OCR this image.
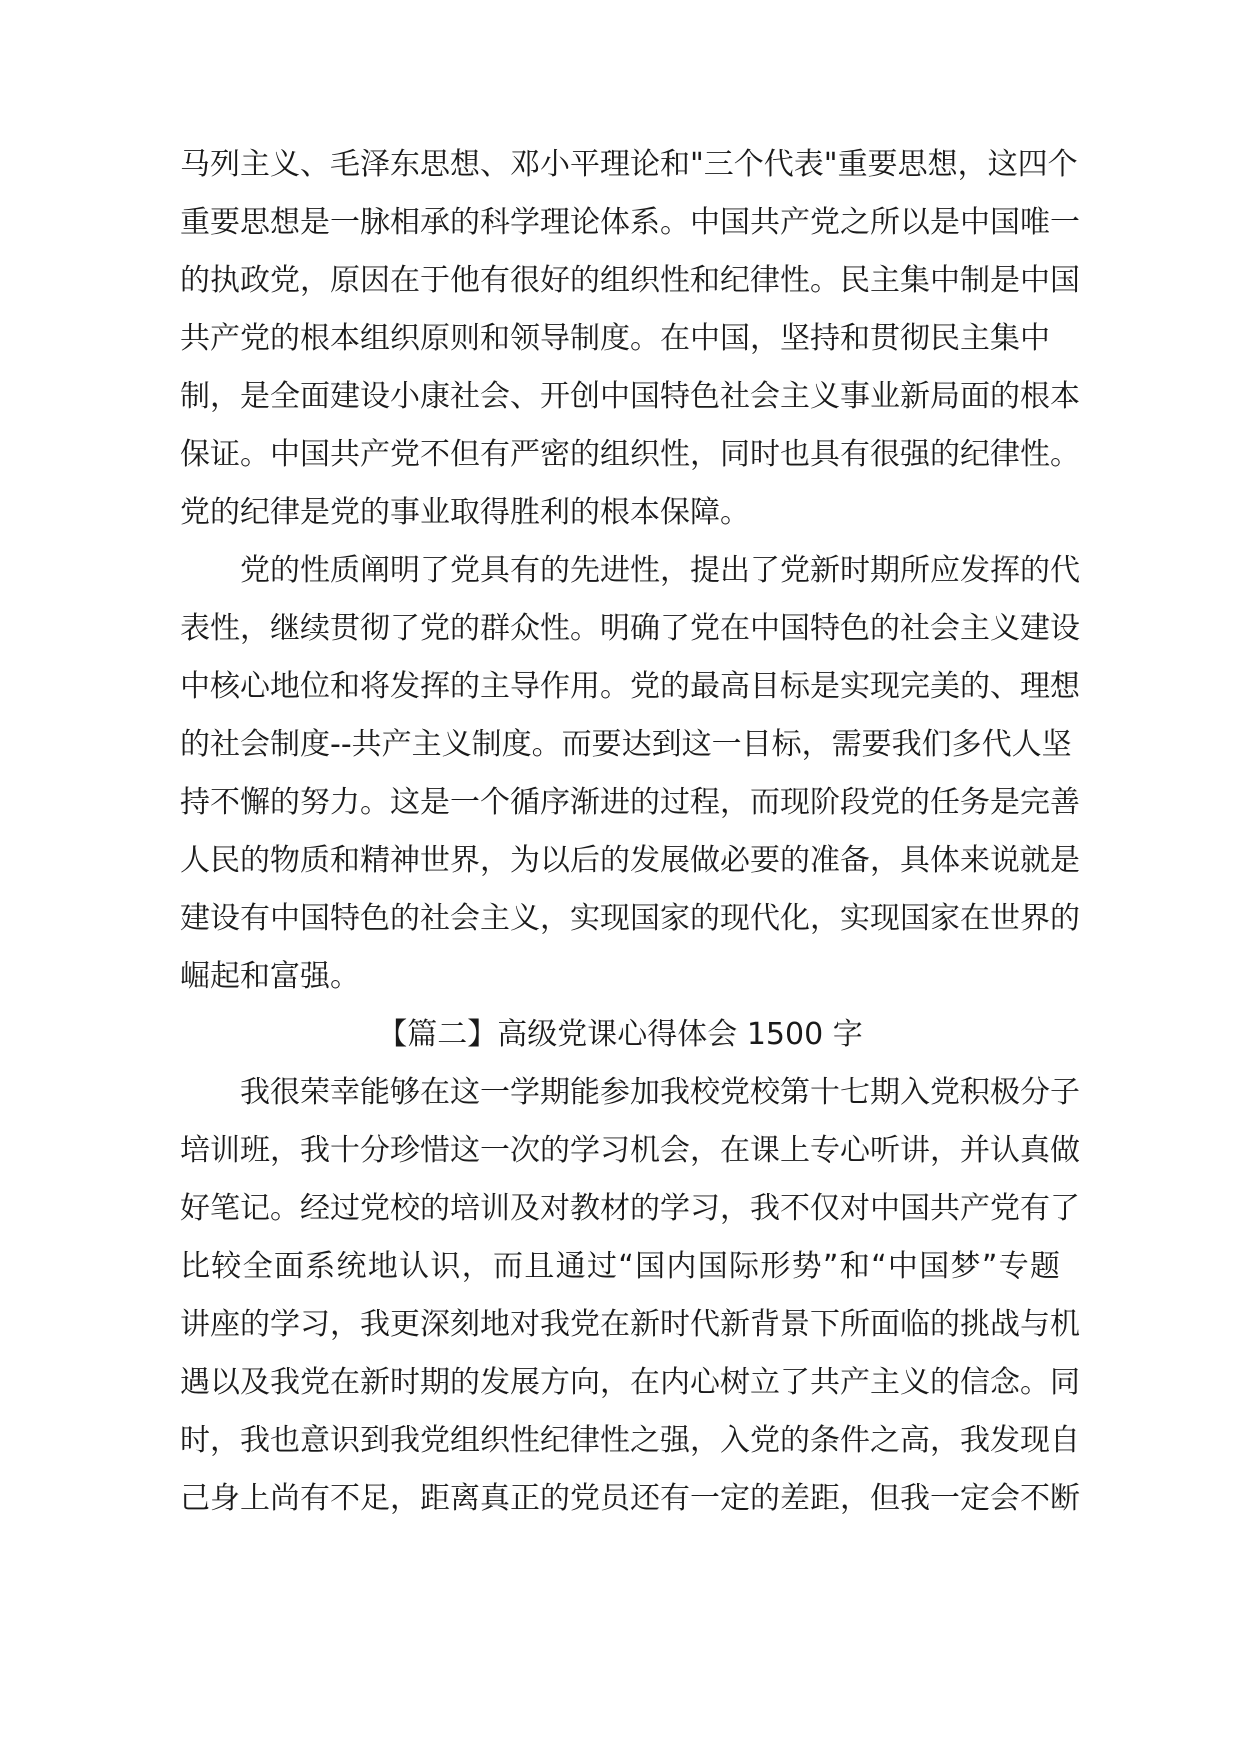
马列主义、毛泽东思想、邓小平理论和"三个代表"重要思想，这四个
重要思想是一脉相承的科学理论体系。中国共产党之所以是中国唯一
的执政党，原因在于他有很好的组织性和纪律性。民主集中制是中国
共产党的根本组织原则和领导制度。在中国，坚持和贯彻民主集中
制，是全面建设小康社会、开创中国特色社会主义事业新局面的根本
保证。中国共产党不但有严密的组织性，同时也具有很强的纪律性。
党的纪律是党的事业取得胜利的根本保障。
党的性质阐明了党具有的先进性，提出了党新时期所应发挥的代
表性，继续贯彻了党的群众性。明确了党在中国特色的社会主义建设
中核心地位和将发挥的主导作用。党的最高目标是实现完美的、理想
的社会制度--共产主义制度。而要达到这一目标，需要我们多代人坚
持不懈的努力。这是一个循序渐进的过程，而现阶段党的任务是完善
人民的物质和精神世界，为以后的发展做必要的准备，具体来说就是
建设有中国特色的社会主义，实现国家的现代化，实现国家在世界的
崛起和富强。
【篇二】高级党课心得体会 1500 字
我很荣幸能够在这一学期能参加我校党校第十七期入党积极分子
培训班，我十分珍惜这一次的学习机会，在课上专心听讲，并认真做
好笔记。经过党校的培训及对教材的学习，我不仅对中国共产党有了
比较全面系统地认识，而且通过“国内国际形势”和“中国梦”专题
讲座的学习，我更深刻地对我党在新时代新背景下所面临的挑战与机
遇以及我党在新时期的发展方向，在内心树立了共产主义的信念。同
时，我也意识到我党组织性纪律性之强，入党的条件之高，我发现自
己身上尚有不足，距离真正的党员还有一定的差距，但我一定会不断
